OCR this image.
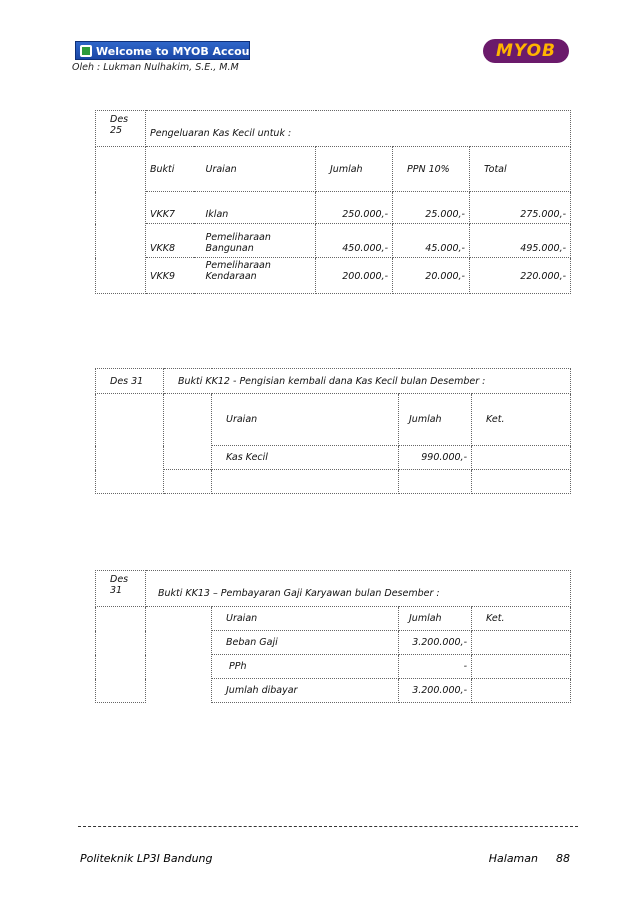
Welcome to MYOB Accounting
Oleh : Lukman Nulhakim, S.E., M.M
MYOB
Des
25	Pengeluaran Kas Kecil untuk :				
	Bukti	Uraian	Jumlah	PPN 10%	Total
	VKK7	Iklan	250.000,-	25.000,-	275.000,-
	VKK8	Pemeliharaan
Bangunan	450.000,-	45.000,-	495.000,-
	VKK9	Pemeliharaan
Kendaraan	200.000,-	20.000,-	220.000,-
Des 31	Bukti KK12 - Pengisian kembali dana Kas Kecil bulan Desember :			
		Uraian	Jumlah	Ket.
		Kas Kecil	990.000,-	

Des
31	Bukti KK13 – Pembayaran Gaji Karyawan bulan Desember :			
		Uraian	Jumlah	Ket.
		Beban Gaji	3.200.000,-	
		PPh	-	
		Jumlah dibayar	3.200.000,-	
Politeknik LP3I Bandung	Halaman 88
